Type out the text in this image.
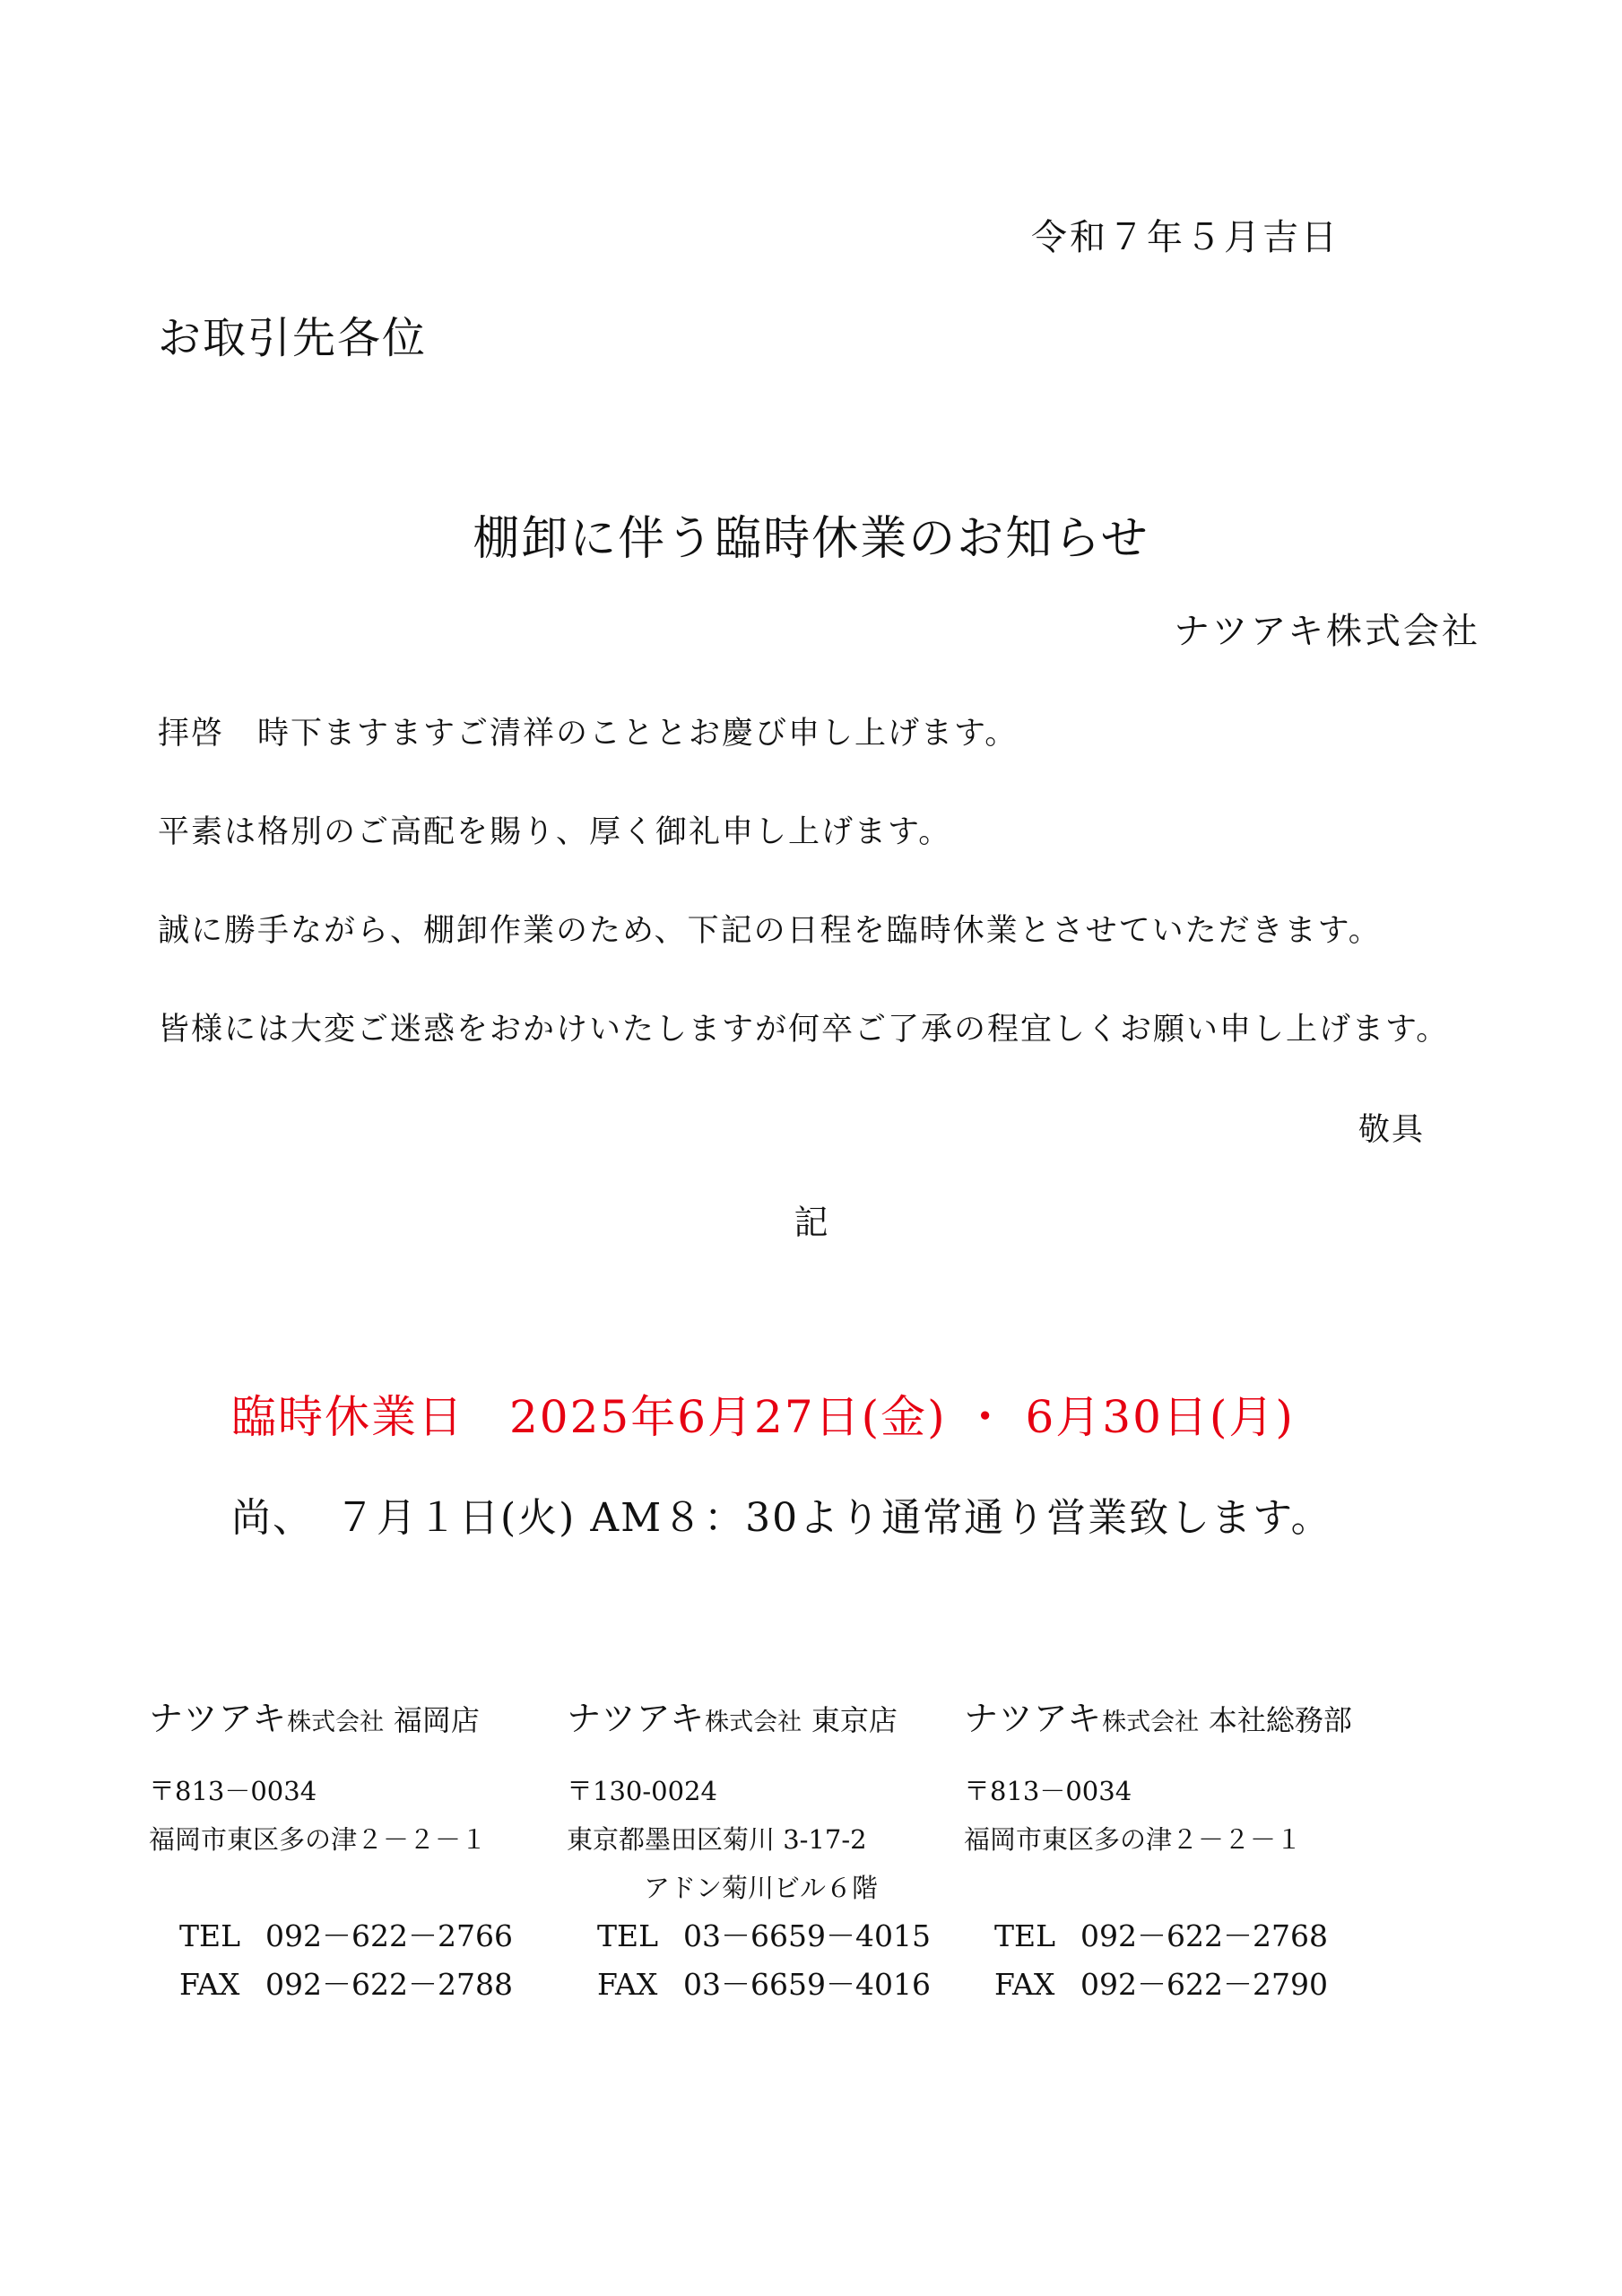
令和７年５月吉日
お取引先各位
棚卸に伴う臨時休業のお知らせ
ナツアキ株式会社
拝啓　時下ますますご清祥のこととお慶び申し上げます。
平素は格別のご高配を賜り、厚く御礼申し上げます。
誠に勝手ながら、棚卸作業のため、下記の日程を臨時休業とさせていただきます。
皆様には大変ご迷惑をおかけいたしますが何卒ご了承の程宜しくお願い申し上げます。
敬具
記
臨時休業日 2025年6月27日(金) ・ 6月30日(月)
尚、　７月１日(火) AM８：30より通常通り営業致します。
ナツアキ株式会社 福岡店
〒813－0034
福岡市東区多の津２－２－１
TEL 092－622－2766
FAX 092－622－2788
ナツアキ株式会社 東京店
〒130-0024
東京都墨田区菊川 3-17-2
アドン菊川ビル６階
TEL 03－6659－4015
FAX 03－6659－4016
ナツアキ株式会社 本社総務部
〒813－0034
福岡市東区多の津２－２－１
TEL 092－622－2768
FAX 092－622－2790
